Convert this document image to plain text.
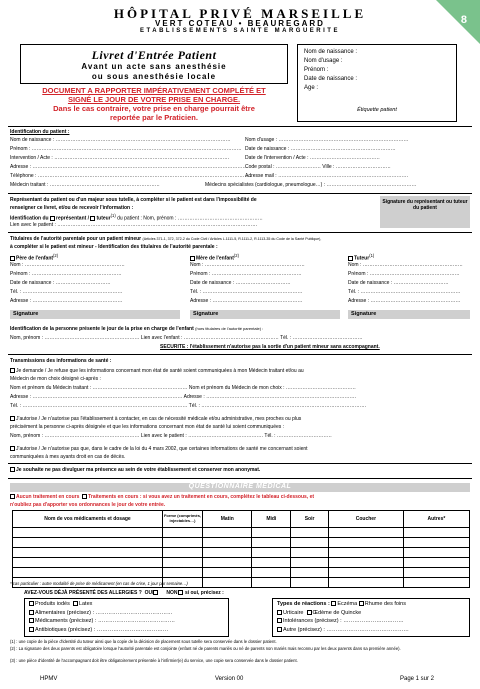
HÔPITAL PRIVÉ MARSEILLE
VERT COTEAU • BEAUREGARD
ETABLISSEMENTS SAINTE MARGUERITE
8
Livret d'Entrée Patient
Avant un acte sans anesthésie
ou sous anesthésie locale
DOCUMENT A RAPPORTER IMPÉRATIVEMENT COMPLÉTÉ ET
SIGNÉ LE JOUR DE VOTRE PRISE EN CHARGE.
Dans le cas contraire, votre prise en charge pourrait être
reportée par le Praticien.
Nom de naissance :
Nom d'usage :
Prénom :
Date de naissance :
Age :
Étiquette patient
Identification du patient :
Nom de naissance : ……………………………………………………………………………………………	Nom d'usage : ……………………………………………………………………
Prénom : ……………………………………………………………………………………………………………… Date de naissance : ………………………………………………………
Intervention / Acte : ……………………………………………………………………………………………	Date de l'intervention / Acte : ……………………………………
Adresse : …………………………………………………………………………………………………………………
Code postal : ……………………… Ville : ……………………………
Téléphone : …………………………………………………………………………………………………………………
Adresse mail : ……………………………………………………………………
Médecin traitant : …………………………………………………………	Médecins spécialistes (cardiologue, pneumologue…) : ………………………………………………
Représentant du patient ou d'un majeur sous tutelle, à compléter si le patient est dans l'impossibilité de
renseigner ce livret, et/ou de recevoir l'information :
Identification du représentant / tuteur$^{(1)}$ du patient : Nom, prénom : ……………………………………………
Lien avec le patient : …………………………………………………………………………………………………………
Signature du représentant ou tuteur du patient
Titulaires de l'autorité parentale pour un patient mineur (Articles 371-1, 372, 372-2 du Code Civil / Articles L.1111-5, R.1111-2, R.1113-35 du Code de la Santé Publique),
à compléter si le patient est mineur - Identification des titulaires de l'autorité parentale :
Père de l'enfant$^{(2)}$
Mère de l'enfant$^{(2)}$
Tuteur$^{(1)}$
Nom : ……………………………………………………	Nom : ……………………………………………………	Nom : ……………………………………………………
Prénom : ………………………………………………	Prénom : ………………………………………………	Prénom : ………………………………………………
Date de naissance : ……………………………	Date de naissance : ……………………………	Date de naissance : ……………………………
Tél. : ……………………………………………………	Tél. : ……………………………………………………	Tél. : ……………………………………………………
Adresse : ………………………………………………	Adresse : ………………………………………………	Adresse : ………………………………………………
Signature	Signature	Signature
Identification de la personne présente le jour de la prise en charge de l'enfant (hors titulaires de l'autorité parentale) :
Nom, prénom : ………………………………………………… Lien avec l'enfant : ………………………………………………… Tél. : ……………………………………
SECURITE : l'établissement n'autorise pas la sortie d'un patient mineur sans accompagnant.
Transmissions des informations de santé :
Je demande / Je refuse que les informations concernant mon état de santé soient communiquées à mon Médecin traitant et/ou au
Médecin de mon choix désigné ci-après :
Nom et prénom du Médecin traitant : ………………………………………………… Nom et prénom du Médecin de mon choix : ……………………………………
Adresse : ……………………………………………………………………………… Adresse : ………………………………………………………………………………
Tél. : ……………………………………………………………………………………… Tél. : ………………………………………………………………………………………
J'autorise / Je n'autorise pas l'établissement à contacter, en cas de nécessité médicale et/ou administrative, mes proches ou plus
précisément la personne ci-après désignée et que les informations concernant mon état de santé lui soient communiquées :
Nom, prénom : ………………………………………………… Lien avec le patient : ……………………………………… Tél. : ……………………………
J'autorise / Je n'autorise pas que, dans le cadre de la loi du 4 mars 2002, que certaines informations de santé me concernant soient
communiquées à mes ayants droit en cas de décès.
Je souhaite ne pas divulguer ma présence au sein de votre établissement et conserver mon anonymat.
QUESTIONNAIRE MÉDICAL
Aucun traitement en cours Traitements en cours : si vous avez un traitement en cours, complétez le tableau ci-dessous, et
n'oubliez pas d'apporter vos ordonnances le jour de votre entrée.
Nom de vos médicaments et dosage	Forme (comprimés, injectables…)	Matin	Midi	Soir	Coucher	Autres*

* cas particulier : autre modalité de prise de médicament (en cas de crise, 1 jour par semaine…)
AVEZ-VOUS DÉJÀ PRÉSENTÉ DES ALLERGIES ? OUI	NON si oui, précisez :
Produits iodés Latex
Alimentaires (précisez) : ……………………………………
Médicaments (précisez) : ……………………………………
Antibiotiques (précisez) : …………………………………
Types de réactions : Eczéma Rhume des foins
Urticaire Œdème de Quincke
Intolérances (précisez) : ……………………………
Autre (précisez) : ………………………………………
(1) : une copie de la pièce d'identité du tuteur ainsi que la copie de la décision de placement sous tutelle sera conservée dans le dossier patient.
(2) : La signature des deux parents est obligatoire lorsque l'autorité parentale est conjointe (enfant né de parents mariés ou né de parents non mariés mais reconnu par les deux parents dans sa première année).
(3) : une pièce d'identité de l'accompagnant doit être obligatoirement présentée à l'infirmier(e) du service, une copie sera conservée dans le dossier patient.
HPMV	Version 00	Page 1 sur 2
